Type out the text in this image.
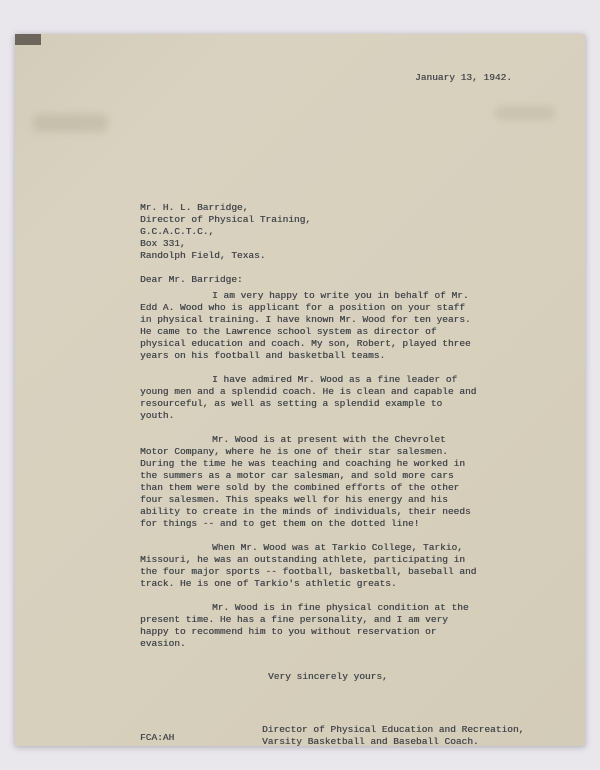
January 13, 1942.
Mr. H. L. Barridge,
Director of Physical Training,
G.C.A.C.T.C.,
Box 331,
Randolph Field, Texas.
Dear Mr. Barridge:

I am very happy to write you in behalf of Mr. Edd A. Wood who is applicant for a position on your staff in physical training. I have known Mr. Wood for ten years. He came to the Lawrence school system as director of physical education and coach. My son, Robert, played three years on his football and basketball teams.

I have admired Mr. Wood as a fine leader of young men and a splendid coach. He is clean and capable and resourceful, as well as setting a splendid example to youth.

Mr. Wood is at present with the Chevrolet Motor Company, where he is one of their star salesmen. During the time he was teaching and coaching he worked in the summers as a motor car salesman, and sold more cars than them were sold by the combined efforts of the other four salesmen. This speaks well for his energy and his ability to create in the minds of individuals, their needs for things -- and to get them on the dotted line!

When Mr. Wood was at Tarkio College, Tarkio, Missouri, he was an outstanding athlete, participating in the four major sports -- football, basketball, baseball and track. He is one of Tarkio's athletic greats.

Mr. Wood is in fine physical condition at the present time. He has a fine personality, and I am very happy to recommend him to you without reservation or evasion.

Very sincerely yours,
FCA:AH
Director of Physical Education and Recreation,
Varsity Basketball and Baseball Coach.
